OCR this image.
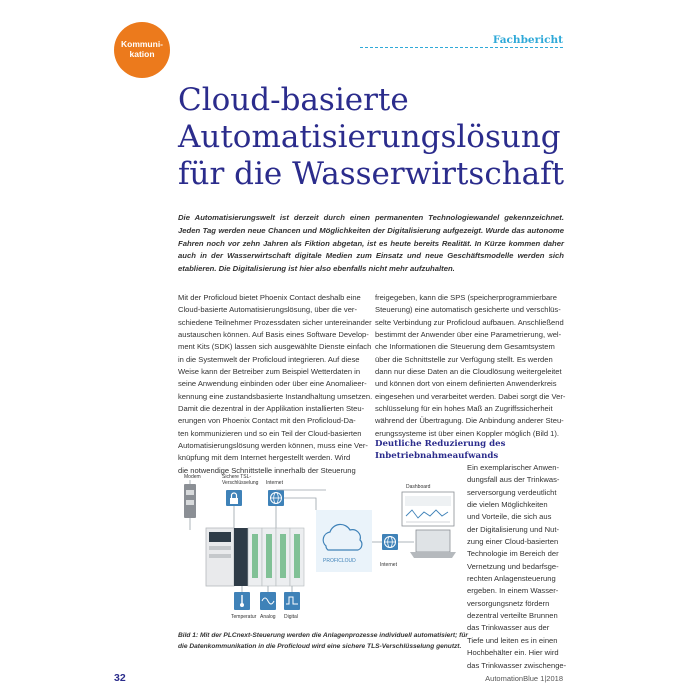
Kommuni-
kation
Fachbericht
Cloud-basierte
Automatisierungslösung
für die Wasserwirtschaft
Die Automatisierungswelt ist derzeit durch einen permanenten Technologiewandel gekennzeichnet. Jeden Tag werden neue Chancen und Möglichkeiten der Digitalisierung aufgezeigt. Wurde das autonome Fahren noch vor zehn Jahren als Fiktion abgetan, ist es heute bereits Realität. In Kürze kommen daher auch in der Wasserwirtschaft digitale Medien zum Einsatz und neue Geschäftsmodelle werden sich etablieren. Die Digitalisierung ist hier also ebenfalls nicht mehr aufzuhalten.
Mit der Proficloud bietet Phoenix Contact deshalb eine
Cloud-basierte Automatisierungslösung, über die ver-
schiedene Teilnehmer Prozessdaten sicher untereinander
austauschen können. Auf Basis eines Software Develop-
ment Kits (SDK) lassen sich ausgewählte Dienste einfach
in die Systemwelt der Proficloud integrieren. Auf diese
Weise kann der Betreiber zum Beispiel Wetterdaten in
seine Anwendung einbinden oder über eine Anomalieer-
kennung eine zustandsbasierte Instandhaltung umsetzen.
Damit die dezentral in der Applikation installierten Steu-
erungen von Phoenix Contact mit den Proficloud-Da-
ten kommunizieren und so ein Teil der Cloud-basierten
Automatisierungslösung werden können, muss eine Ver-
knüpfung mit dem Internet hergestellt werden. Wird
die notwendige Schnittstelle innerhalb der Steuerung
freigegeben, kann die SPS (speicherprogrammierbare
Steuerung) eine automatisch gesicherte und verschlüs-
selte Verbindung zur Proficloud aufbauen. Anschließend
bestimmt der Anwender über eine Parametrierung, wel-
che Informationen die Steuerung dem Gesamtsystem
über die Schnittstelle zur Verfügung stellt. Es werden
dann nur diese Daten an die Cloudlösung weitergeleitet
und können dort von einem definierten Anwenderkreis
eingesehen und verarbeitet werden. Dabei sorgt die Ver-
schlüsselung für ein hohes Maß an Zugriffssicherheit
während der Übertragung. Die Anbindung anderer Steu-
erungssysteme ist über einen Koppler möglich (Bild 1).
Deutliche Reduzierung des
Inbetriebnahmeaufwands
Ein exemplarischer Anwen-
dungsfall aus der Trinkwas-
serversorgung verdeutlicht
die vielen Möglichkeiten
und Vorteile, die sich aus
der Digitalisierung und Nut-
zung einer Cloud-basierten
Technologie im Bereich der
Vernetzung und bedarfsge-
rechten Anlagensteuerung
ergeben. In einem Wasser-
versorgungsnetz fördern
dezentral verteilte Brunnen
das Trinkwasser aus der
Tiefe und leiten es in einen
Hochbehälter ein. Hier wird
das Trinkwasser zwischenge-
Modem	Sichere TSL-
Verschlüsselung Internet
Dashboard
PROFICLOUD
Internet
Temperatur Analog Digital
Bild 1: Mit der PLCnext-Steuerung werden die Anlagenprozesse individuell automatisiert; für
die Datenkommunikation in die Proficloud wird eine sichere TLS-Verschlüsselung genutzt.
32	AutomationBlue 1|2018
